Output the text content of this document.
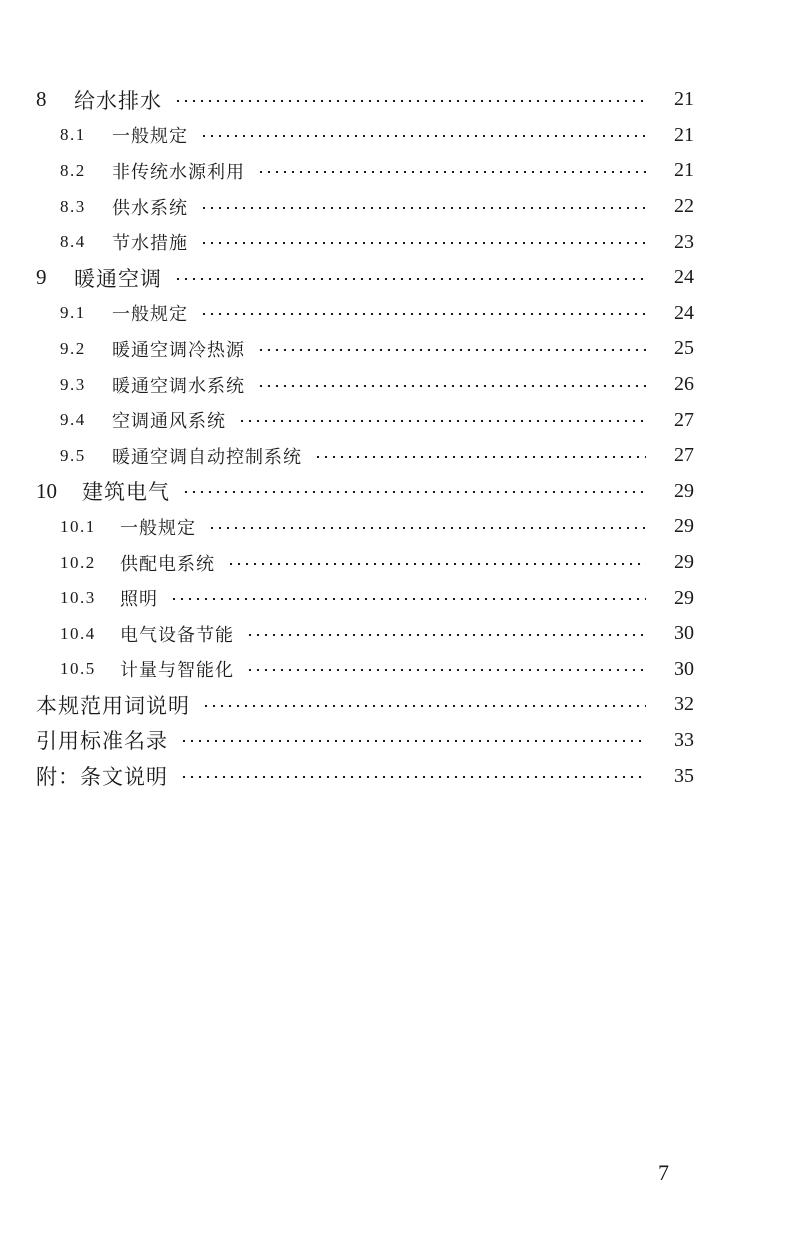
8	给水排水	21
8.1	一般规定	21
8.2	非传统水源利用	21
8.3	供水系统	22
8.4	节水措施	23
9	暖通空调	24
9.1	一般规定	24
9.2	暖通空调冷热源	25
9.3	暖通空调水系统	26
9.4	空调通风系统	27
9.5	暖通空调自动控制系统	27
10	建筑电气	29
10.1	一般规定	29
10.2	供配电系统	29
10.3	照明	29
10.4	电气设备节能	30
10.5	计量与智能化	30
本规范用词说明	32
引用标准名录	33
附：条文说明	35
7
